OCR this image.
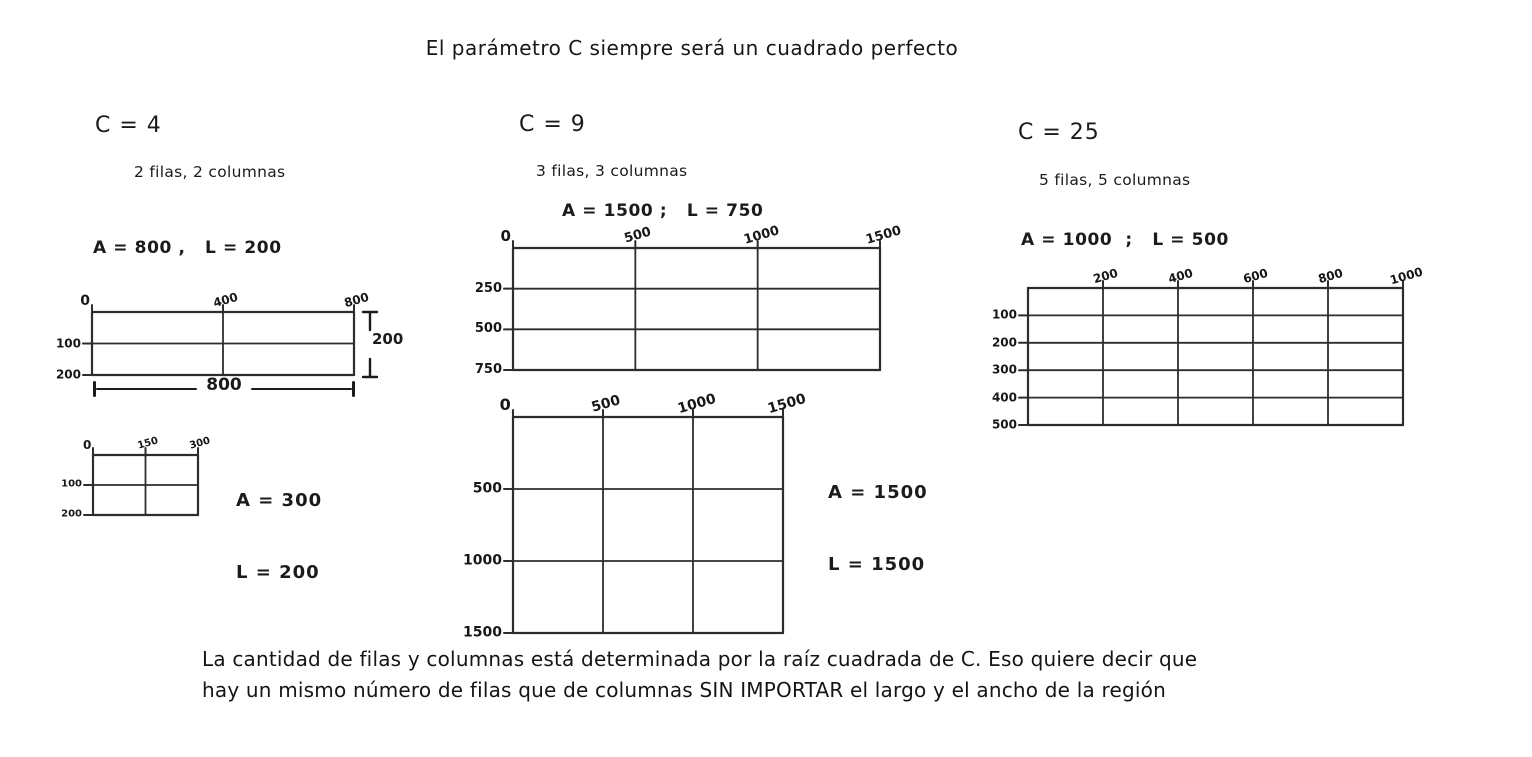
El parámetro C siempre será un cuadrado perfecto
C = 4
2 filas, 2 columnas
A = 800 ,   L = 200
0	400	800
100
200
200
800
0	150	300
100
200

A = 300

L = 200

C = 9
3 filas, 3 columnas
A = 1500 ;   L = 750
0	500	1000	1500
250
500
750
0	500	1000	1500
500
1000
1500

A = 1500

L = 1500

C = 25
5 filas, 5 columnas
A = 1000  ;   L = 500
200	400	600	800	1000
100
200
300
400
500
La cantidad de filas y columnas está determinada por la raíz cuadrada de C. Eso quiere decir que
hay un mismo número de filas que de columnas SIN IMPORTAR el largo y el ancho de la región
